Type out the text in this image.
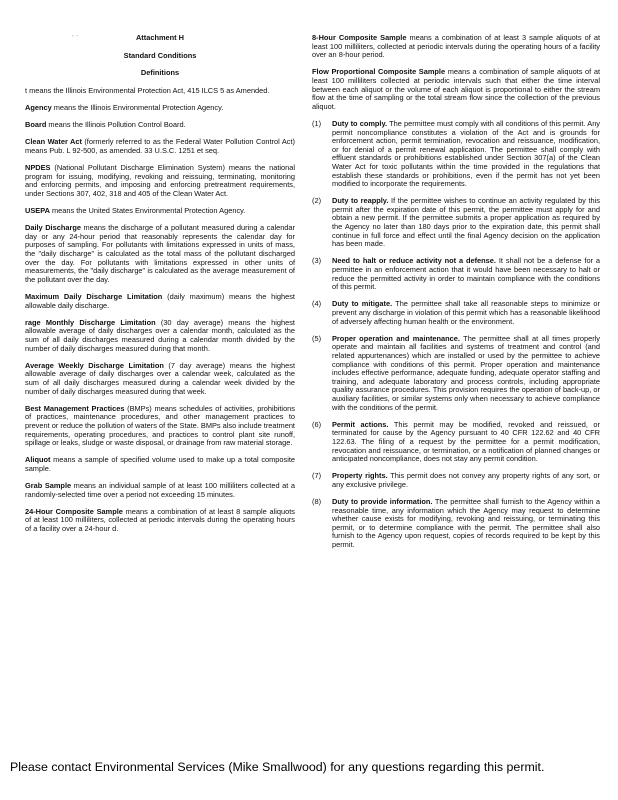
˙ ˙	Attachment H
Standard Conditions
Definitions
t means the Illinois Environmental Protection Act, 415 ILCS 5 as Amended.
Agency means the Illinois Environmental Protection Agency.
Board means the Illinois Pollution Control Board.
Clean Water Act (formerly referred to as the Federal Water Pollution Control Act) means Pub. L 92-500, as amended. 33 U.S.C. 1251 et seq.
NPDES (National Pollutant Discharge Elimination System) means the national program for issuing, modifying, revoking and reissuing, terminating, monitoring and enforcing permits, and imposing and enforcing pretreatment requirements, under Sections 307, 402, 318 and 405 of the Clean Water Act.
USEPA means the United States Environmental Protection Agency.
Daily Discharge means the discharge of a pollutant measured during a calendar day or any 24-hour period that reasonably represents the calendar day for purposes of sampling. For pollutants with limitations expressed in units of mass, the "daily discharge" is calculated as the total mass of the pollutant discharged over the day. For pollutants with limitations expressed in other units of measurements, the "daily discharge" is calculated as the average measurement of the pollutant over the day.
Maximum Daily Discharge Limitation (daily maximum) means the highest allowable daily discharge.
rage Monthly Discharge Limitation (30 day average) means the highest allowable average of daily discharges over a calendar month, calculated as the sum of all daily discharges measured during a calendar month divided by the number of daily discharges measured during that month.
Average Weekly Discharge Limitation (7 day average) means the highest allowable average of daily discharges over a calendar week, calculated as the sum of all daily discharges measured during a calendar week divided by the number of daily discharges measured during that week.
Best Management Practices (BMPs) means schedules of activities, prohibitions of practices, maintenance procedures, and other management practices to prevent or reduce the pollution of waters of the State. BMPs also include treatment requirements, operating procedures, and practices to control plant site runoff, spillage or leaks, sludge or waste disposal, or drainage from raw material storage.
Aliquot means a sample of specified volume used to make up a total composite sample.
Grab Sample means an individual sample of at least 100 milliliters collected at a randomly-selected time over a period not exceeding 15 minutes.
24-Hour Composite Sample means a combination of at least 8 sample aliquots of at least 100 milliliters, collected at periodic intervals during the operating hours of a facility over a 24-hour d.
8-Hour Composite Sample means a combination of at least 3 sample aliquots of at least 100 milliliters, collected at periodic intervals during the operating hours of a facility over an 8-hour period.
Flow Proportional Composite Sample means a combination of sample aliquots of at least 100 milliliters collected at periodic intervals such that either the time interval between each aliquot or the volume of each aliquot is proportional to either the stream flow at the time of sampling or the total stream flow since the collection of the previous aliquot.
(1)	Duty to comply. The permittee must comply with all conditions of this permit. Any permit noncompliance constitutes a violation of the Act and is grounds for enforcement action, permit termination, revocation and reissuance, modification, or for denial of a permit renewal application. The permittee shall comply with effluent standards or prohibitions established under Section 307(a) of the Clean Water Act for toxic pollutants within the time provided in the regulations that establish these standards or prohibitions, even if the permit has not yet been modified to incorporate the requirements.
(2)	Duty to reapply. If the permittee wishes to continue an activity regulated by this permit after the expiration date of this permit, the permittee must apply for and obtain a new permit. If the permittee submits a proper application as required by the Agency no later than 180 days prior to the expiration date, this permit shall continue in full force and effect until the final Agency decision on the application has been made.
(3)	Need to halt or reduce activity not a defense. It shall not be a defense for a permittee in an enforcement action that it would have been necessary to halt or reduce the permitted activity in order to maintain compliance with the conditions of this permit.
(4)	Duty to mitigate. The permittee shall take all reasonable steps to minimize or prevent any discharge in violation of this permit which has a reasonable likelihood of adversely affecting human health or the environment.
(5)	Proper operation and maintenance. The permittee shall at all times properly operate and maintain all facilities and systems of treatment and control (and related appurtenances) which are installed or used by the permittee to achieve compliance with conditions of this permit. Proper operation and maintenance includes effective performance, adequate funding, adequate operator staffing and training, and adequate laboratory and process controls, including appropriate quality assurance procedures. This provision requires the operation of back-up, or auxiliary facilities, or similar systems only when necessary to achieve compliance with the conditions of the permit.
(6)	Permit actions. This permit may be modified, revoked and reissued, or terminated for cause by the Agency pursuant to 40 CFR 122.62 and 40 CFR 122.63. The filing of a request by the permittee for a permit modification, revocation and reissuance, or termination, or a notification of planned changes or anticipated noncompliance, does not stay any permit condition.
(7)	Property rights. This permit does not convey any property rights of any sort, or any exclusive privilege.
(8)	Duty to provide information. The permittee shall furnish to the Agency within a reasonable time, any information which the Agency may request to determine whether cause exists for modifying, revoking and reissuing, or terminating this permit, or to determine compliance with the permit. The permittee shall also furnish to the Agency upon request, copies of records required to be kept by this permit.
Please contact Environmental Services (Mike Smallwood) for any questions regarding this permit.
